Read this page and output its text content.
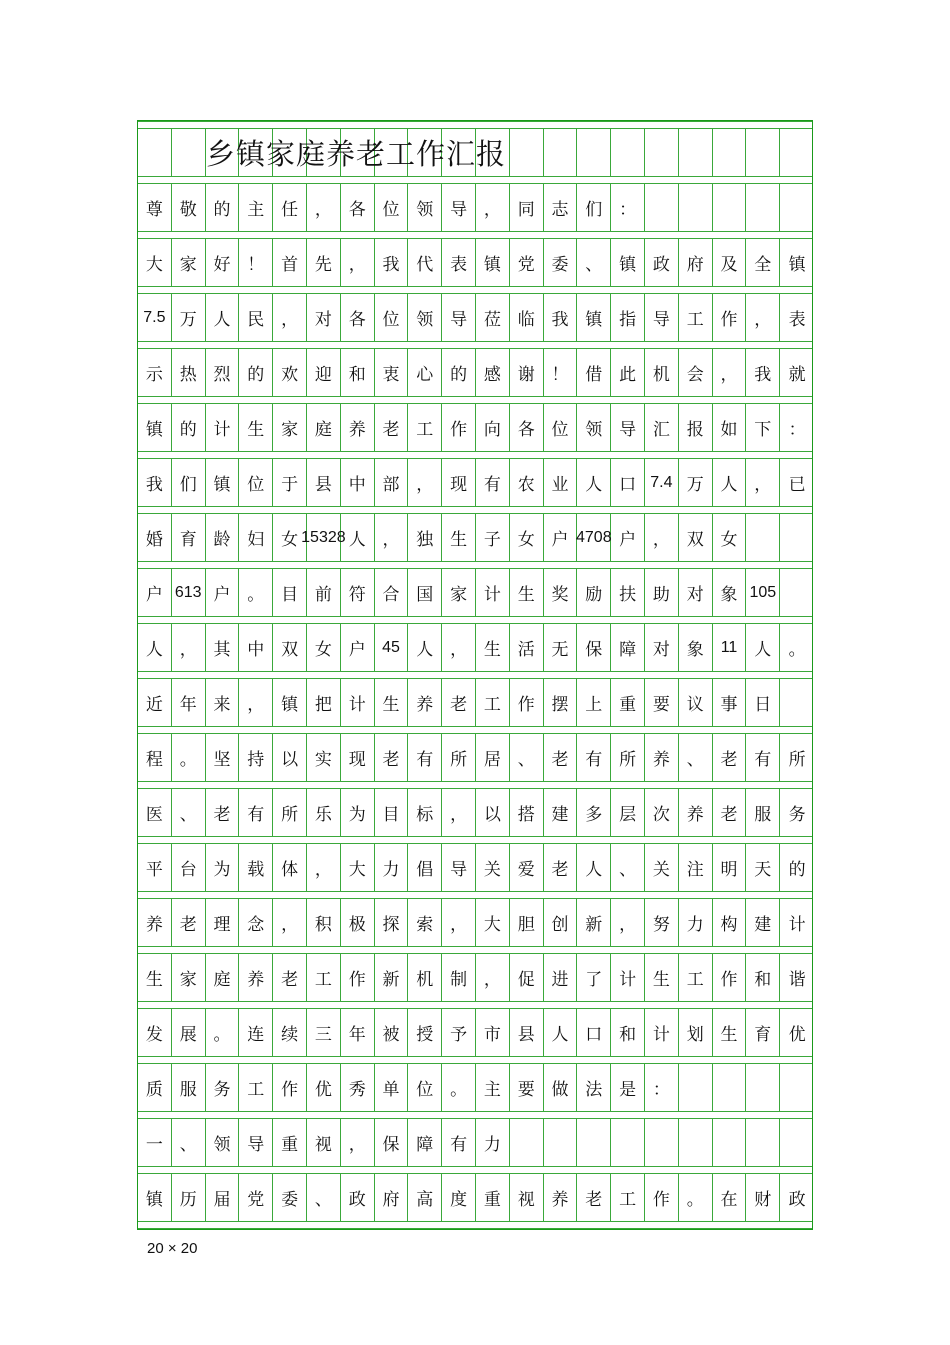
乡镇家庭养老工作汇报
尊 敬 的 主 任 ， 各 位 领 导 ， 同 志 们 ：
大 家 好 ！ 首 先 ， 我 代 表 镇 党 委 、 镇 政 府 及 全	镇
7.5 万 人 民 ， 对 各 位 领 导 莅 临 我 镇 指 导 工 作 ，	表
示 热 烈 的 欢 迎 和 衷 心 的 感 谢 ！ 借 此 机 会 ， 我	就
镇 的 计 生 家 庭 养 老 工 作 向 各 位 领 导 汇 报 如 下	：
我 们 镇 位 于 县 中 部 ， 现 有 农 业 人 口 7.4 万 人 ，	已
婚 育 龄 妇 女 15328 人 ， 独 生 子 女 户 4708 户 ， 双 女
户 613 户 。 目 前 符 合 国 家 计 生 奖 励 扶 助 对 象 105
人 ， 其 中 双 女 户	45 人 ， 生 活 无 保 障 对 象	11 人	。
近 年 来 ， 镇 把 计 生 养 老 工 作 摆 上 重 要 议 事 日
程 。 坚 持 以 实 现 老 有 所 居 、 老 有 所 养 、 老 有	所
医 、 老 有 所 乐 为 目 标 ， 以 搭 建 多 层 次 养 老 服	务
平 台 为 载 体 ， 大 力 倡 导 关 爱 老 人 、 关 注 明 天	的
养 老 理 念 ， 积 极 探 索 ， 大 胆 创 新 ， 努 力 构 建	计
生 家 庭 养 老 工 作 新 机 制 ， 促 进 了 计 生 工 作 和	谐
发 展 。 连 续 三 年 被 授 予 市 县 人 口 和 计 划 生 育	优
质 服 务 工 作 优 秀 单 位 。 主 要 做 法 是 ：
一 、 领 导 重 视 ， 保 障 有 力
镇 历 届 党 委 、 政 府 高 度 重 视 养 老 工 作 。 在 财	政
20 × 20
